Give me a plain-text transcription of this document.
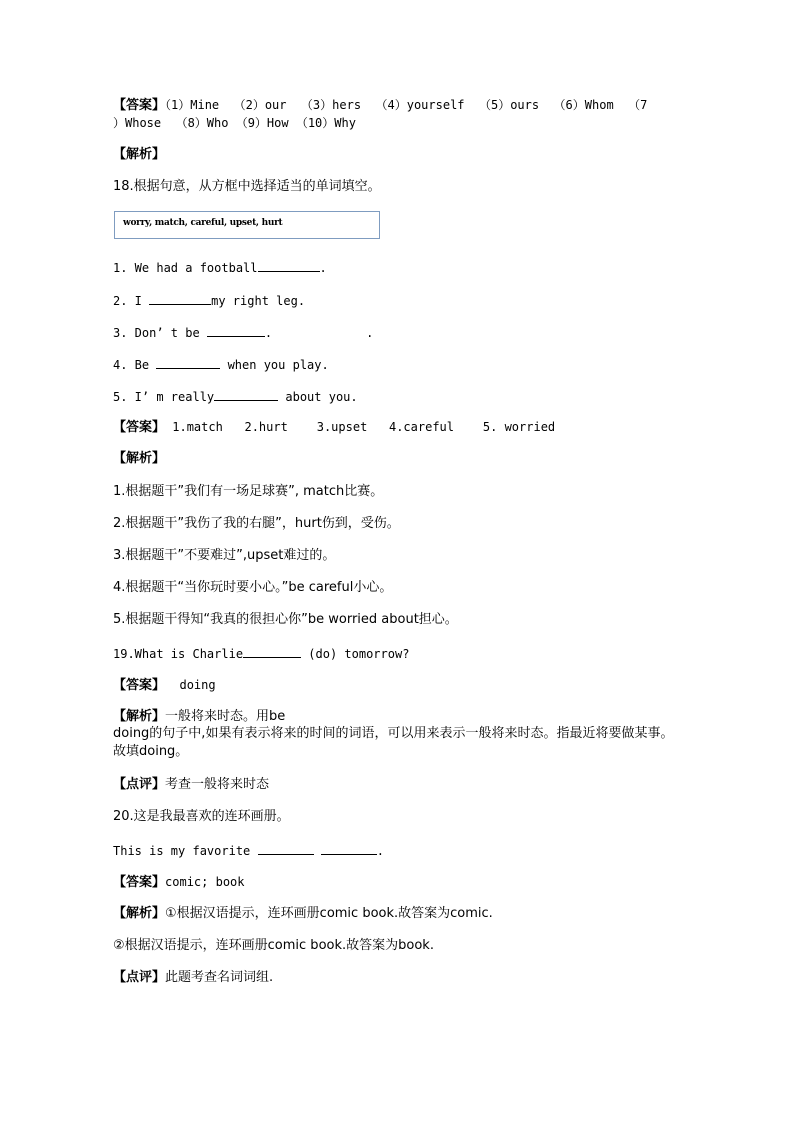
【答案】（1）Mine  （2）our  （3）hers  （4）yourself  （5）ours  （6）Whom  （7
）Whose  （8）Who （9）How （10）Why
【解析】
18.根据句意，从方框中选择适当的单词填空。
worry, match, careful, upset, hurt
1. We had a football	.
2. I	my right leg.
3. Don’ t be	.             .
4. Be	when you play.
5. I’ m really	about you.
【答案】 1.match   2.hurt    3.upset   4.careful    5. worried
【解析】
1.根据题干”我们有一场足球赛”, match比赛。
2.根据题干”我伤了我的右腿”，hurt伤到，受伤。
3.根据题干”不要难过”,upset难过的。
4.根据题干“当你玩时要小心。”be careful小心。
5.根据题干得知“我真的很担心你”be worried about担心。
19.What is Charlie	(do) tomorrow?
【答案】  doing
【解析】一般将来时态。用be
doing的句子中,如果有表示将来的时间的词语，可以用来表示一般将来时态。指最近将要做某事。故填doing。
【点评】考查一般将来时态
20.这是我最喜欢的连环画册。
This is my favorite	.
【答案】comic; book
【解析】①根据汉语提示，连环画册comic book.故答案为comic.
②根据汉语提示，连环画册comic book.故答案为book.
【点评】此题考查名词词组.
